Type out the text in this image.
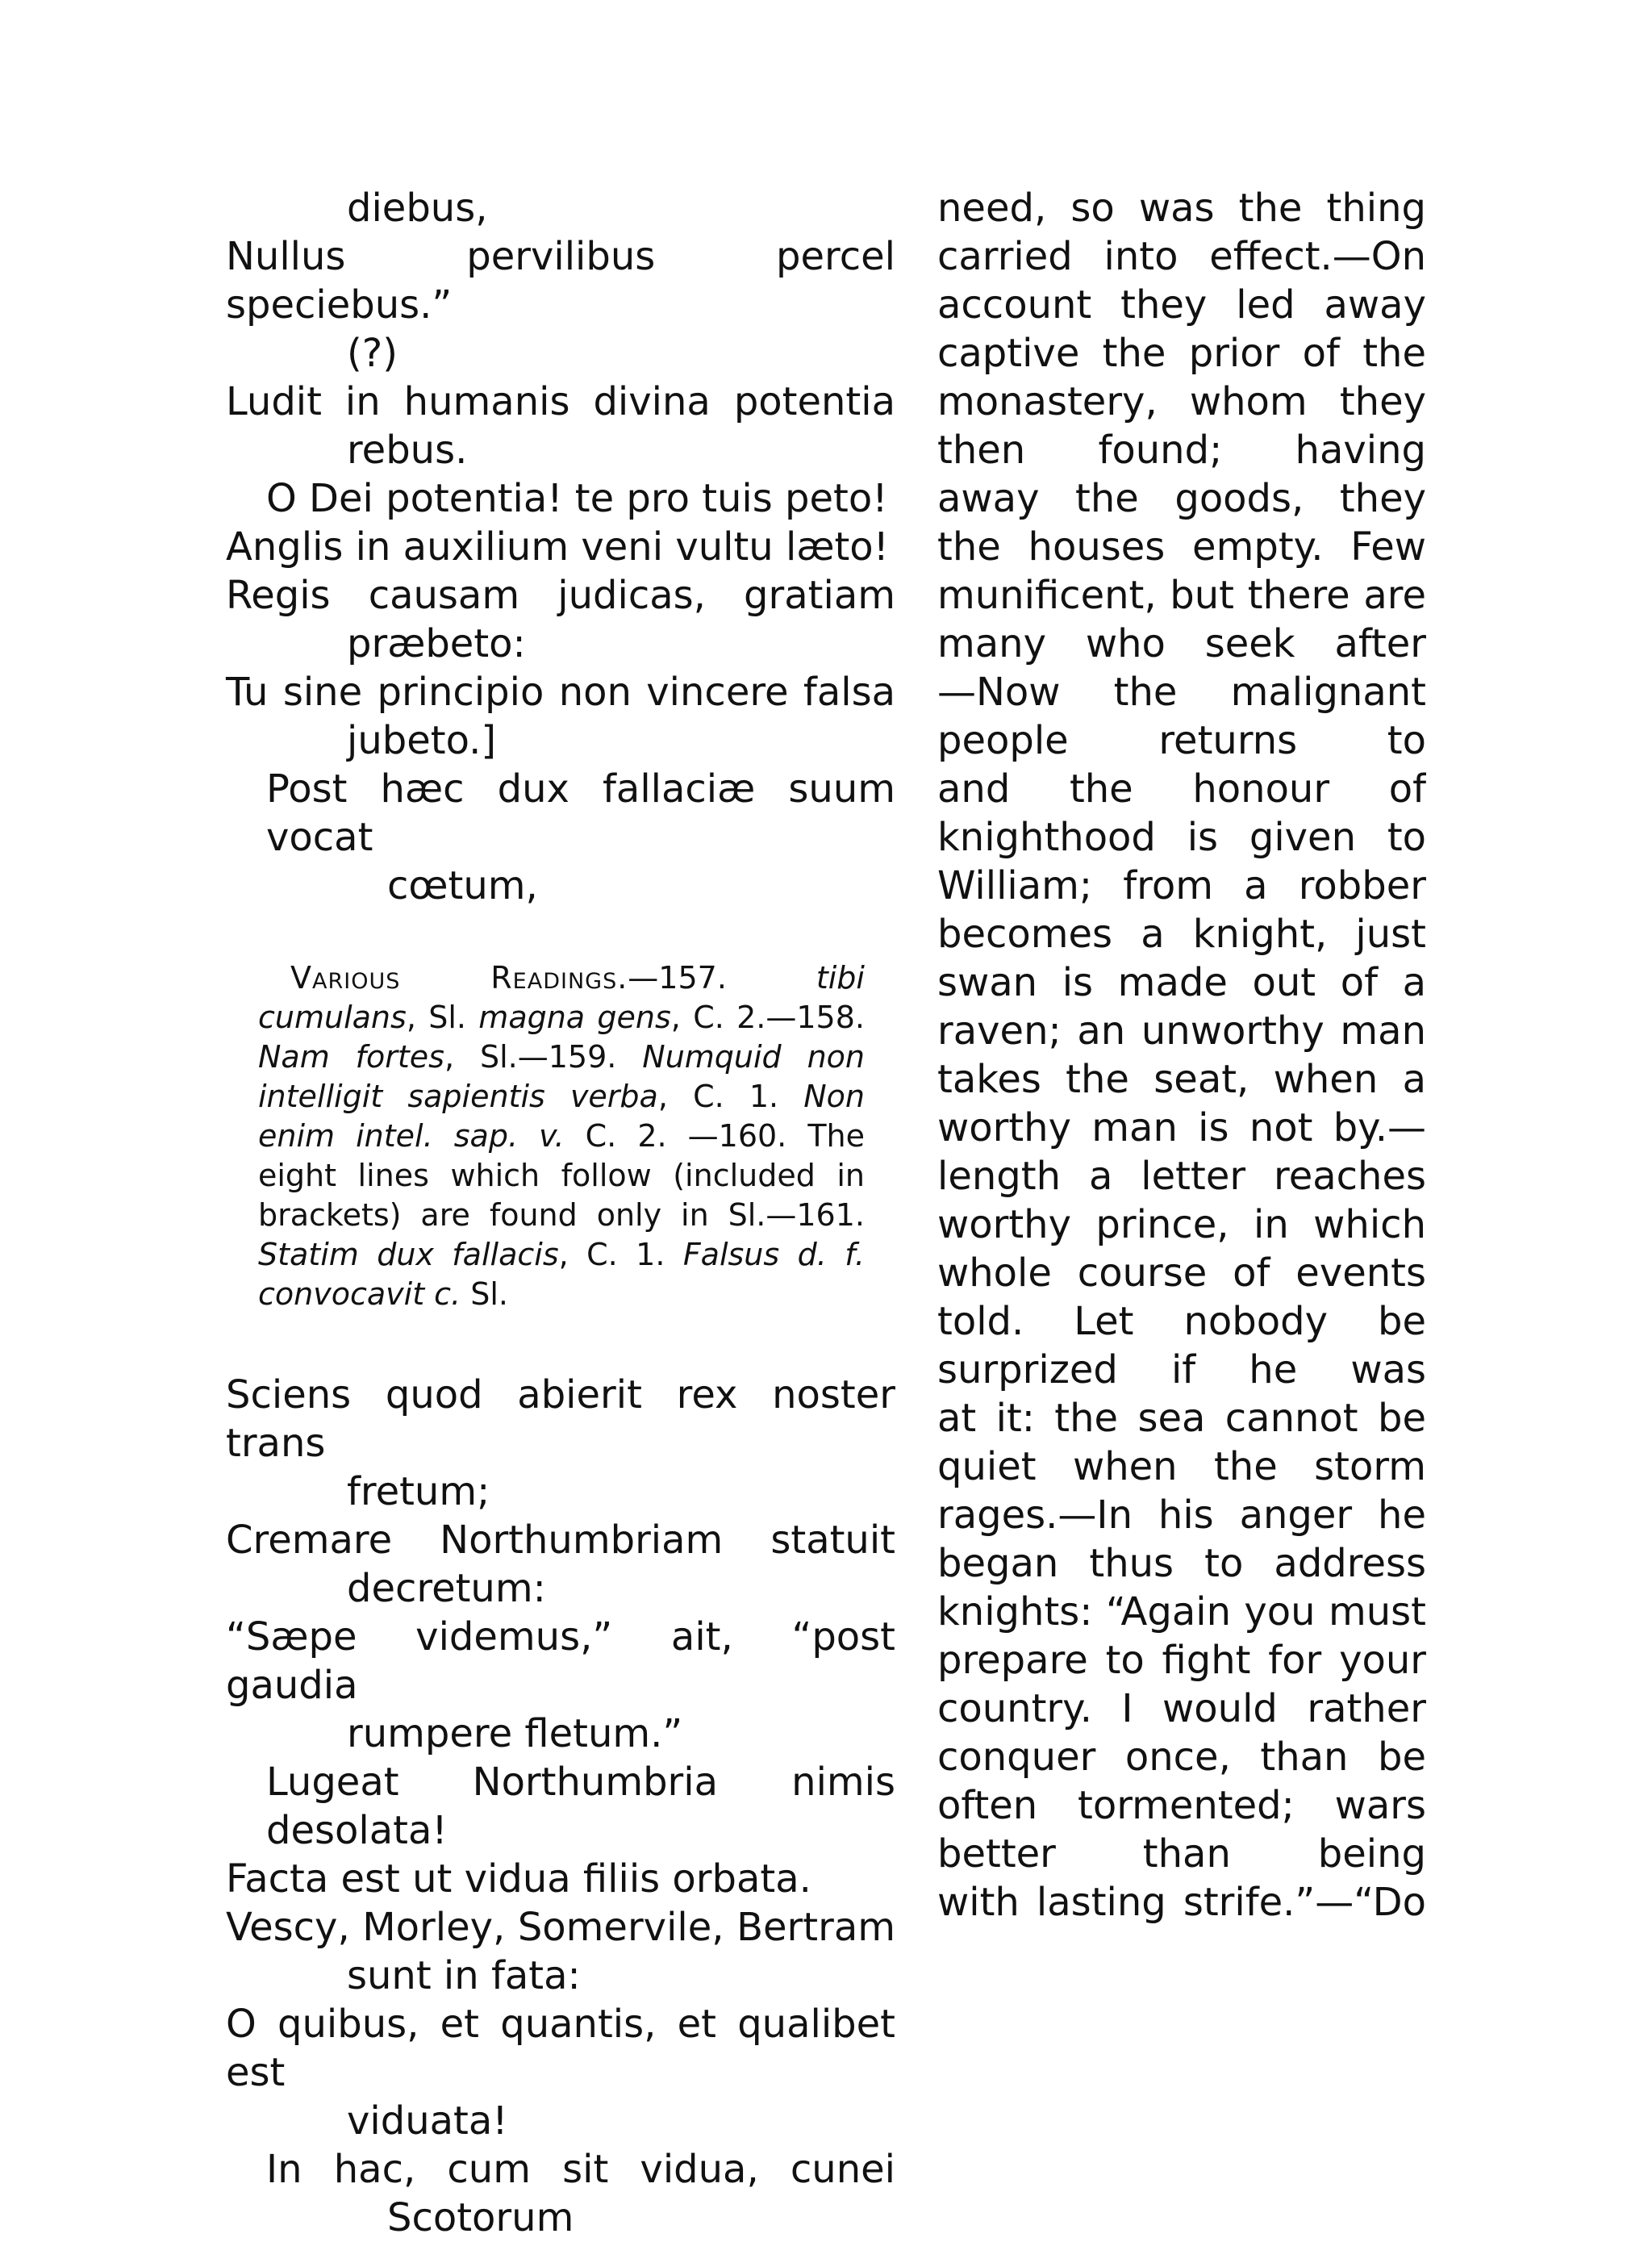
diebus,
Nullus pervilibus percel speciebus.”
(?)
Ludit in humanis divina potentia
rebus.
O Dei potentia! te pro tuis peto!
Anglis in auxilium veni vultu læto!
Regis causam judicas, gratiam
præbeto:
Tu sine principio non vincere falsa
jubeto.]
Post hæc dux fallaciæ suum vocat
cœtum,
Various Readings.—157. tibi cumulans, Sl. magna gens, C. 2.—158. Nam fortes, Sl.—159. Numquid non intelligit sapientis verba, C. 1. Non enim intel. sap. v. C. 2. —160. The eight lines which follow (included in brackets) are found only in Sl.—161. Statim dux fallacis, C. 1. Falsus d. f. convocavit c. Sl.
Sciens quod abierit rex noster trans
fretum;
Cremare Northumbriam statuit
decretum:
“Sæpe videmus,” ait, “post gaudia
rumpere fletum.”
Lugeat Northumbria nimis desolata!
Facta est ut vidua filiis orbata.
Vescy, Morley, Somervile, Bertram
sunt in fata:
O quibus, et quantis, et qualibet est
viduata!
In hac, cum sit vidua, cunei
Scotorum
need, so was the thing
carried into effect.—On
account they led away
captive the prior of the
monastery, whom they
then found; having
away the goods, they
the houses empty. Few
munificent, but there are
many who seek after
—Now the malignant
people returns to
and the honour of
knighthood is given to
William; from a robber
becomes a knight, just
swan is made out of a
raven; an unworthy man
takes the seat, when a
worthy man is not by.—
length a letter reaches
worthy prince, in which
whole course of events
told. Let nobody be
surprized if he was
at it: the sea cannot be
quiet when the storm
rages.—In his anger he
began thus to address
knights: “Again you must
prepare to fight for your
country. I would rather
conquer once, than be
often tormented; wars
better than being
with lasting strife.”—“Do
